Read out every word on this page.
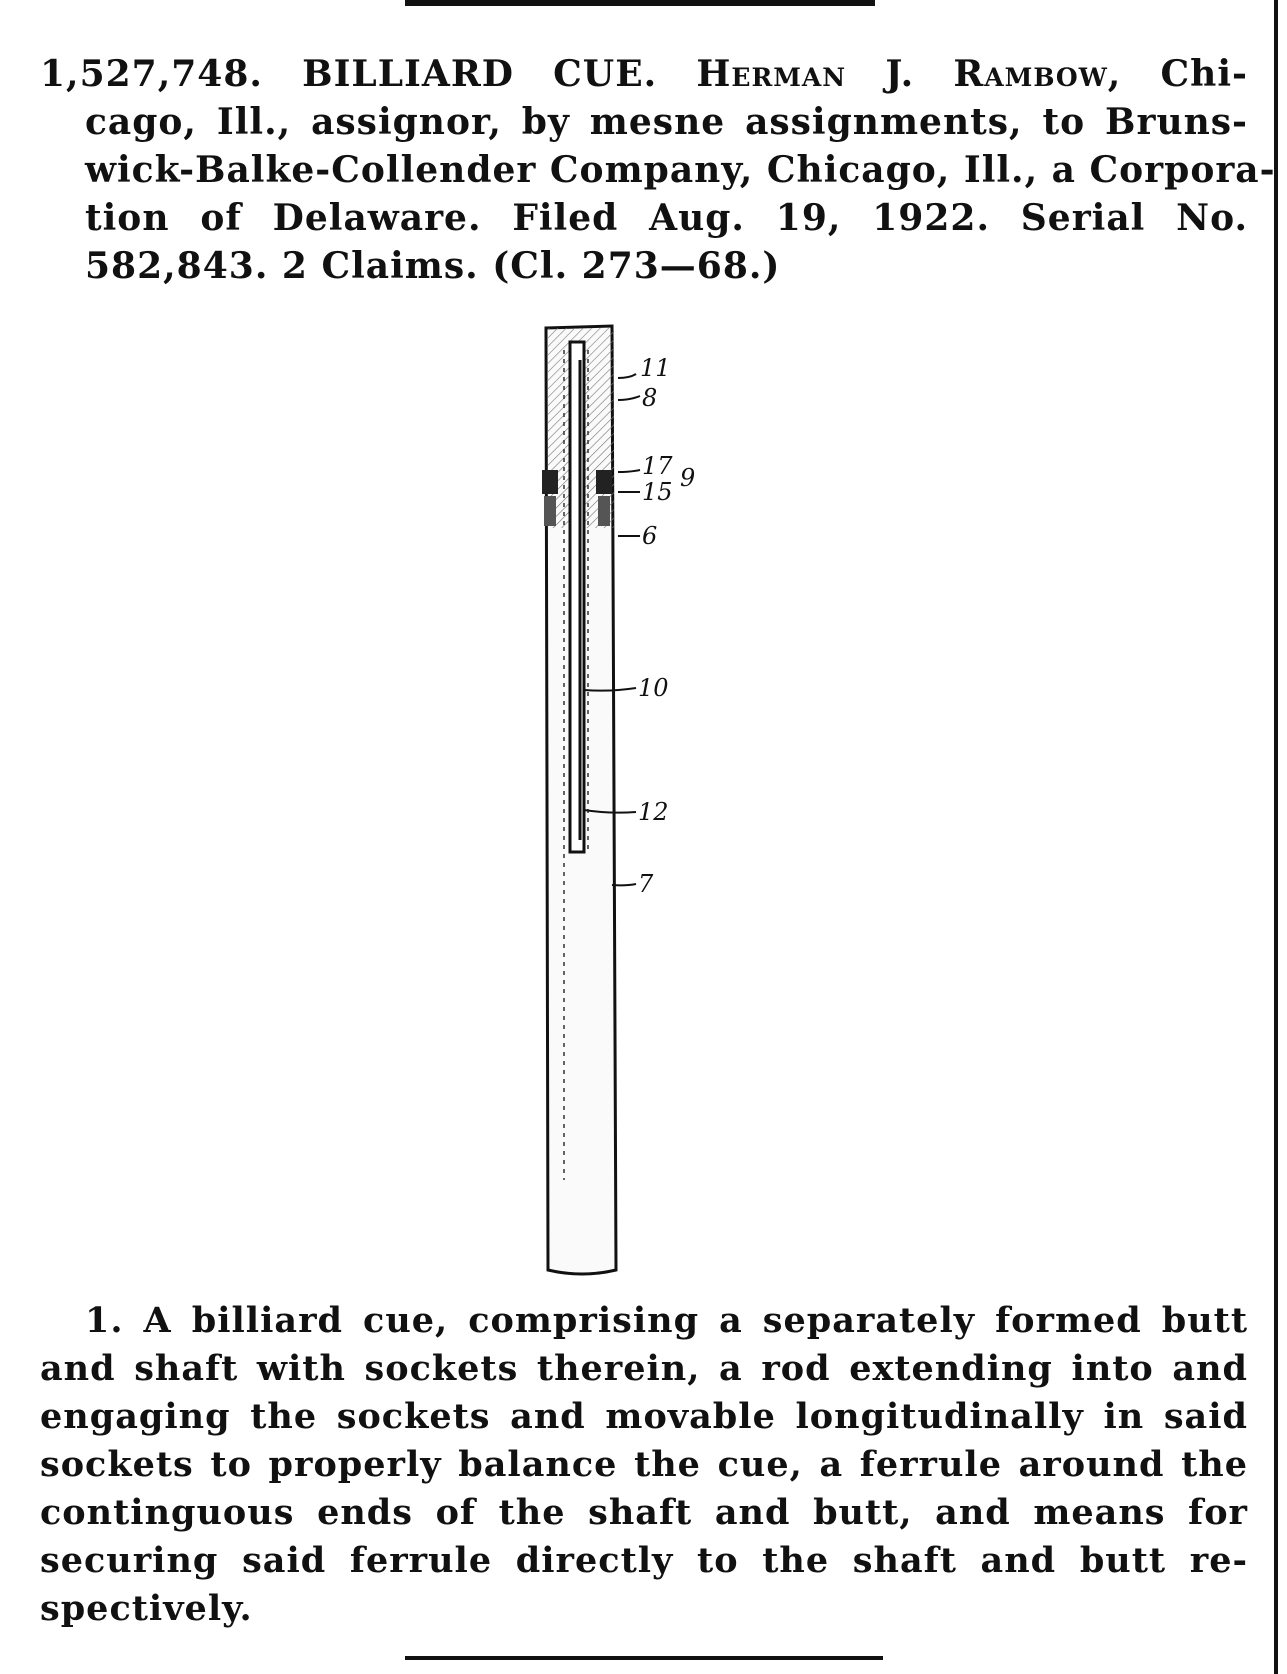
1,527,748. BILLIARD CUE. Herman J. Rambow, Chi-
cago, Ill., assignor, by mesne assignments, to Bruns-
wick-Balke-Collender Company, Chicago, Ill., a Corpora-
tion of Delaware. Filed Aug. 19, 1922. Serial No.
582,843. 2 Claims. (Cl. 273—68.)
11
8
17 9
15
6
10
12
7
1. A billiard cue, comprising a separately formed butt
and shaft with sockets therein, a rod extending into and
engaging the sockets and movable longitudinally in said
sockets to properly balance the cue, a ferrule around the
continguous ends of the shaft and butt, and means for
securing said ferrule directly to the shaft and butt re-
spectively.
